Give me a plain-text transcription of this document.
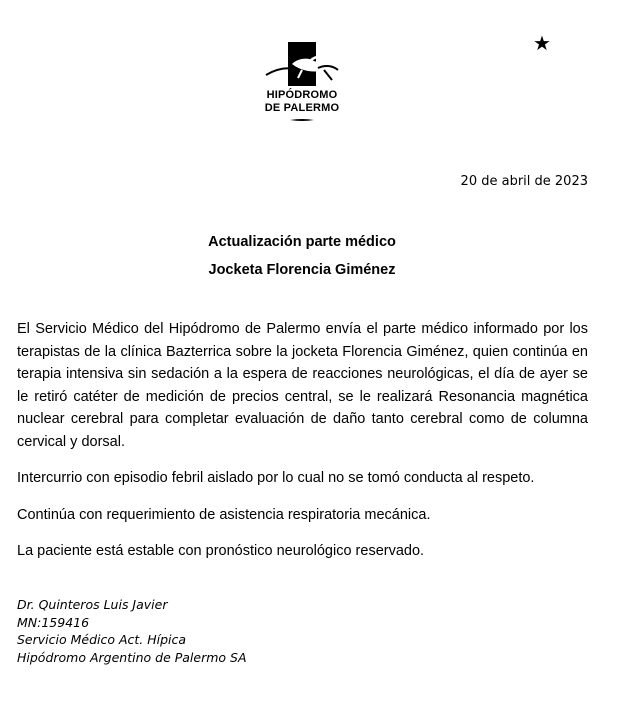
HIPÓDROMO
DE PALERMO
★
20 de abril de 2023
Actualización parte médico
Jocketa Florencia Giménez

El Servicio Médico del Hipódromo de Palermo envía el parte médico informado por los terapistas de la clínica Bazterrica sobre la jocketa Florencia Giménez, quien continúa en terapia intensiva sin sedación a la espera de reacciones neurológicas, el día de ayer se le retiró catéter de medición de precios central, se le realizará Resonancia magnética nuclear cerebral para completar evaluación de daño tanto cerebral como de columna cervical y dorsal.

Intercurrio con episodio febril aislado por lo cual no se tomó conducta al respeto.

Continúa con requerimiento de asistencia respiratoria mecánica.

La paciente está estable con pronóstico neurológico reservado.

Dr. Quinteros Luis Javier
MN:159416
Servicio Médico Act. Hípica
Hipódromo Argentino de Palermo SA
